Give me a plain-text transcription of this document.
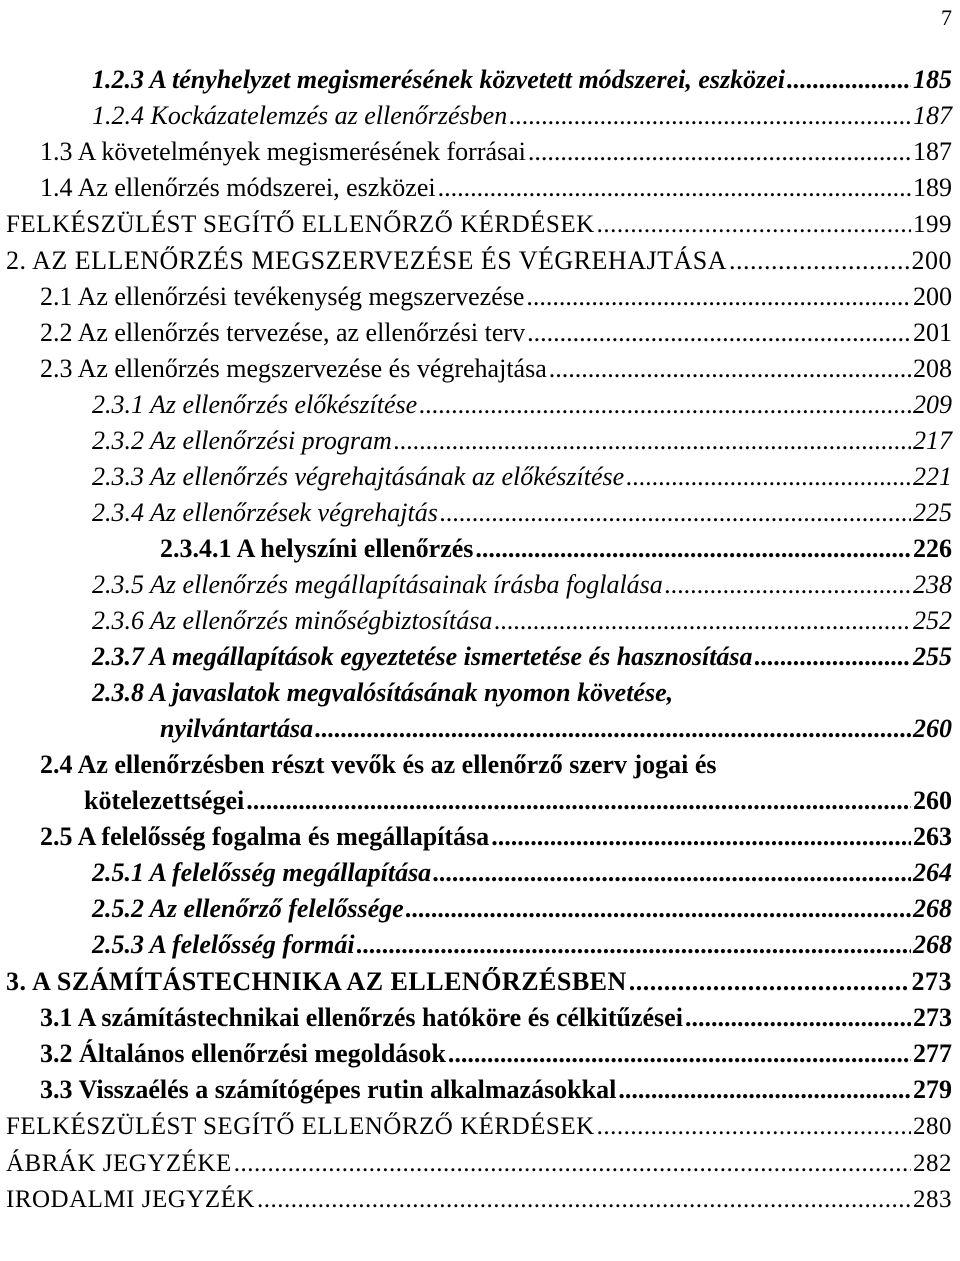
7
1.2.3 A tényhelyzet megismerésének közvetett módszerei, eszközei .....	185
1.2.4 Kockázatelemzés az ellenőrzésben .....	187
1.3 A követelmények megismerésének forrásai .....	187
1.4 Az ellenőrzés módszerei, eszközei .....	189
FELKÉSZÜLÉST SEGÍTŐ ELLENŐRZŐ KÉRDÉSEK .....	199
2. AZ ELLENŐRZÉS MEGSZERVEZÉSE ÉS VÉGREHAJTÁSA .....	200
2.1 Az ellenőrzési tevékenység megszervezése .....	200
2.2 Az ellenőrzés tervezése, az ellenőrzési terv .....	201
2.3 Az ellenőrzés megszervezése és végrehajtása .....	208
2.3.1 Az ellenőrzés előkészítése .....	209
2.3.2 Az ellenőrzési program .....	217
2.3.3 Az ellenőrzés végrehajtásának az előkészítése .....	221
2.3.4 Az ellenőrzések végrehajtás .....	225
2.3.4.1 A helyszíni ellenőrzés .....	226
2.3.5 Az ellenőrzés megállapításainak írásba foglalása .....	238
2.3.6 Az ellenőrzés minőségbiztosítása .....	252
2.3.7 A megállapítások egyeztetése ismertetése és hasznosítása .....	255
2.3.8 A javaslatok megvalósításának nyomon követése,
nyilvántartása .....	260
2.4 Az ellenőrzésben részt vevők és az ellenőrző szerv jogai és
kötelezettségei .....	260
2.5 A felelősség fogalma és megállapítása .....	263
2.5.1 A felelősség megállapítása .....	264
2.5.2 Az ellenőrző felelőssége .....	268
2.5.3 A felelősség formái .....	268
3. A SZÁMÍTÁSTECHNIKA AZ ELLENŐRZÉSBEN .....	273
3.1 A számítástechnikai ellenőrzés hatóköre és célkitűzései .....	273
3.2 Általános ellenőrzési megoldások .....	277
3.3 Visszaélés a számítógépes rutin alkalmazásokkal .....	279
FELKÉSZÜLÉST SEGÍTŐ ELLENŐRZŐ KÉRDÉSEK .....	280
ÁBRÁK JEGYZÉKE .....	282
IRODALMI JEGYZÉK .....	283
